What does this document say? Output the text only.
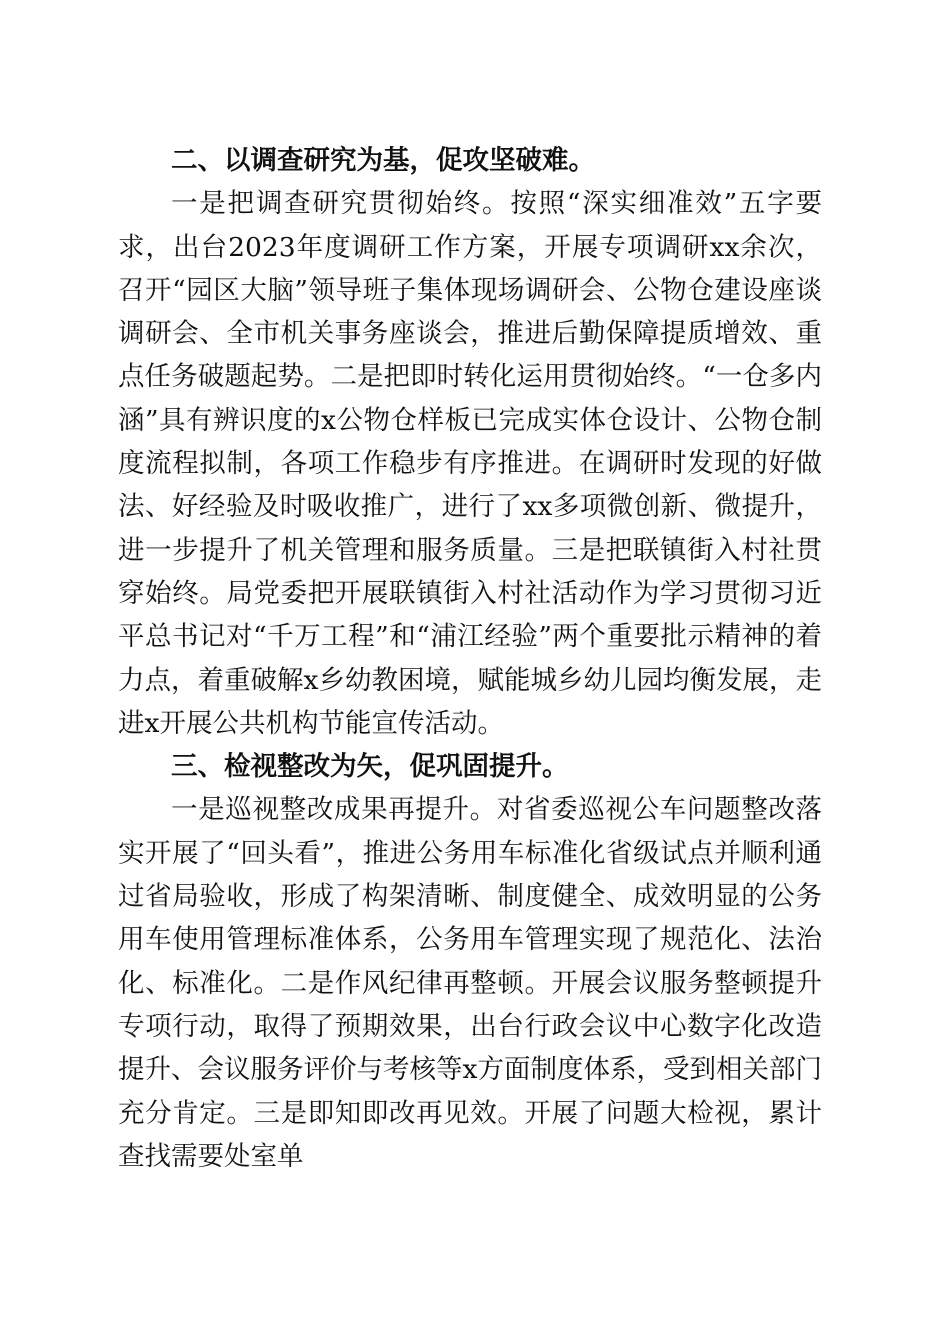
二、以调查研究为基，促攻坚破难。

一是把调查研究贯彻始终。按照“深实细准效”五字要求，出台2023年度调研工作方案，开展专项调研xx余次，召开“园区大脑”领导班子集体现场调研会、公物仓建设座谈调研会、全市机关事务座谈会，推进后勤保障提质增效、重点任务破题起势。二是把即时转化运用贯彻始终。“一仓多内涵”具有辨识度的x公物仓样板已完成实体仓设计、公物仓制度流程拟制，各项工作稳步有序推进。在调研时发现的好做法、好经验及时吸收推广，进行了xx多项微创新、微提升，进一步提升了机关管理和服务质量。三是把联镇街入村社贯穿始终。局党委把开展联镇街入村社活动作为学习贯彻习近平总书记对“千万工程”和“浦江经验”两个重要批示精神的着力点，着重破解x乡幼教困境，赋能城乡幼儿园均衡发展，走进x开展公共机构节能宣传活动。

三、检视整改为矢，促巩固提升。

一是巡视整改成果再提升。对省委巡视公车问题整改落实开展了“回头看”，推进公务用车标准化省级试点并顺利通过省局验收，形成了构架清晰、制度健全、成效明显的公务用车使用管理标准体系，公务用车管理实现了规范化、法治化、标准化。二是作风纪律再整顿。开展会议服务整顿提升专项行动，取得了预期效果，出台行政会议中心数字化改造提升、会议服务评价与考核等x方面制度体系，受到相关部门充分肯定。三是即知即改再见效。开展了问题大检视，累计查找需要处室单
